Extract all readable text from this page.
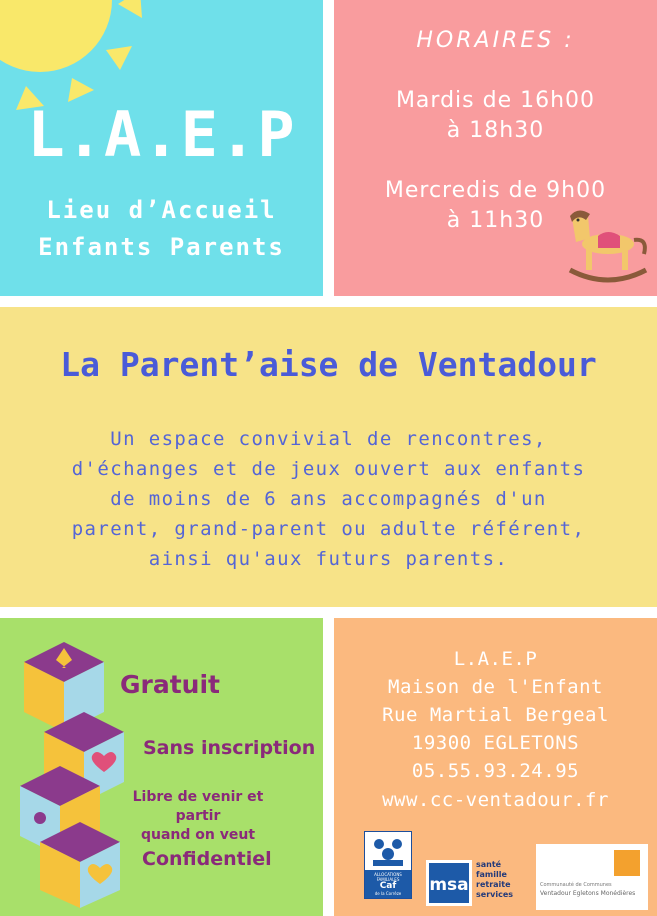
L.A.E.P
Lieu d’Accueil
Enfants Parents
HORAIRES :
Mardis de 16h00
à 18h30
Mercredis de 9h00
à 11h30
La Parent’aise de Ventadour
Un espace convivial de rencontres,
d'échanges et de jeux ouvert aux enfants
de moins de 6 ans accompagnés d'un
parent, grand-parent ou adulte référent,
ainsi qu'aux futurs parents.
Gratuit
Sans inscription
Libre de venir et partir
quand on veut
Confidentiel
L.A.E.P
Maison de l'Enfant
Rue Martial Bergeal
19300 EGLETONS
05.55.93.24.95
www.cc-ventadour.fr
ALLOCATIONS FAMILIALES
Caf
de la Corrèze	msa
santé
famille
retraite
services
Communauté de Communes
Ventadour Egletons Monédières
